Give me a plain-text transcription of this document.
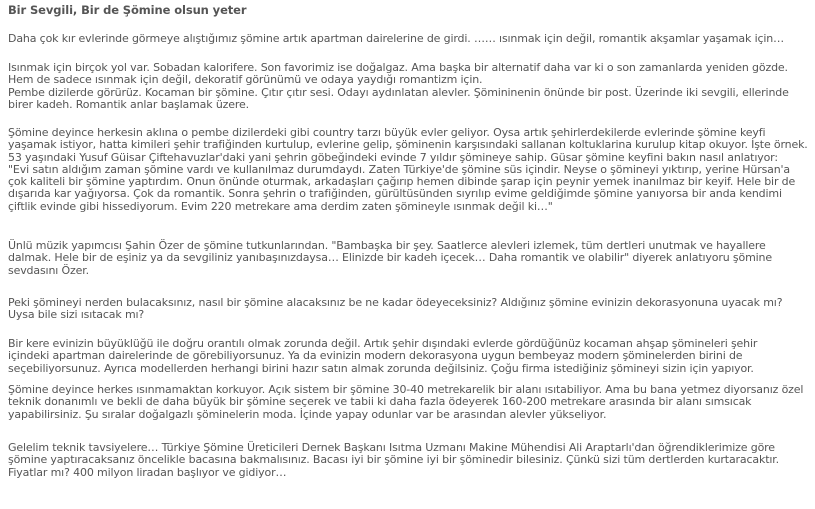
Bir Sevgili, Bir de Şömine olsun yeter
Daha çok kır evlerinde görmeye alıştığımız şömine artık apartman dairelerine de girdi. …… ısınmak için değil, romantik akşamlar yaşamak için…
Isınmak için birçok yol var. Sobadan kalorifere. Son favorimiz ise doğalgaz. Ama başka bir alternatif daha var ki o son zamanlarda yeniden gözde.
Hem de sadece ısınmak için değil, dekoratif görünümü ve odaya yaydığı romantizm için.
Pembe dizilerde görürüz. Kocaman bir şömine. Çıtır çıtır sesi. Odayı aydınlatan alevler. Şömininenin önünde bir post. Üzerinde iki sevgili, ellerinde
birer kadeh. Romantik anlar başlamak üzere.
Şömine deyince herkesin aklına o pembe dizilerdeki gibi country tarzı büyük evler geliyor. Oysa artık şehirlerdekilerde evlerinde şömine keyfi
yaşamak istiyor, hatta kimileri şehir trafiğinden kurtulup, evlerine gelip, şöminenin karşısındaki sallanan koltuklarina kurulup kitap okuyor. İşte örnek.
53 yaşındaki Yusuf Güisar Çiftehavuzlar'daki yani şehrin göbeğindeki evinde 7 yıldır şömineye sahip. Güsar şömine keyfini bakın nasıl anlatıyor:
"Evi satın aldığım zaman şömine vardı ve kullanılmaz durumdaydı. Zaten Türkiye'de şömine süs içindir. Neyse o şömineyi yıktırıp, yerine Hürsan'a
çok kaliteli bir şömine yaptırdım. Onun önünde oturmak, arkadaşları çağırıp hemen dibinde şarap için peynir yemek inanılmaz bir keyif. Hele bir de
dışarıda kar yağıyorsa. Çok da romantik. Sonra şehrin o trafiğinden, gürültüsünden sıyrılıp evime geldiğimde şömine yanıyorsa bir anda kendimi
çiftlik evinde gibi hissediyorum. Evim 220 metrekare ama derdim zaten şömineyle ısınmak değil ki…"
Ünlü müzik yapımcısı Şahin Özer de şömine tutkunlarından. "Bambaşka bir şey. Saatlerce alevleri izlemek, tüm dertleri unutmak ve hayallere
dalmak. Hele bir de eşiniz ya da sevgiliniz yanıbaşınızdaysa… Elinizde bir kadeh içecek… Daha romantik ve olabilir" diyerek anlatıyoru şömine
sevdasını Özer.
Peki şömineyi nerden bulacaksınız, nasıl bir şömine alacaksınız be ne kadar ödeyeceksiniz? Aldığınız şömine evinizin dekorasyonuna uyacak mı?
Uysa bile sizi ısıtacak mı?
Bir kere evinizin büyüklüğü ile doğru orantılı olmak zorunda değil. Artık şehir dışındaki evlerde gördüğünüz kocaman ahşap şömineleri şehir
içindeki apartman dairelerinde de görebiliyorsunuz. Ya da evinizin modern dekorasyona uygun bembeyaz modern şöminelerden birini de
seçebiliyorsunuz. Ayrıca modellerden herhangi birini hazır satın almak zorunda değilsiniz. Çoğu firma istediğiniz şömineyi sizin için yapıyor.
Şömine deyince herkes ısınmamaktan korkuyor. Açık sistem bir şömine 30-40 metrekarelik bir alanı ısıtabiliyor. Ama bu bana yetmez diyorsanız özel
teknik donanımlı ve bekli de daha büyük bir şömine seçerek ve tabii ki daha fazla ödeyerek 160-200 metrekare arasında bir alanı sımsıcak
yapabilirsiniz. Şu sıralar doğalgazlı şöminelerin moda. İçinde yapay odunlar var be arasından alevler yükseliyor.
Gelelim teknik tavsiyelere… Türkiye Şömine Üreticileri Dernek Başkanı Isıtma Uzmanı Makine Mühendisi Ali Araptarlı'dan öğrendiklerimize göre
şömine yaptıracaksanız öncelikle bacasına bakmalısınız. Bacası iyi bir şömine iyi bir şöminedir bilesiniz. Çünkü sizi tüm dertlerden kurtaracaktır.
Fiyatlar mı? 400 milyon liradan başlıyor ve gidiyor…
